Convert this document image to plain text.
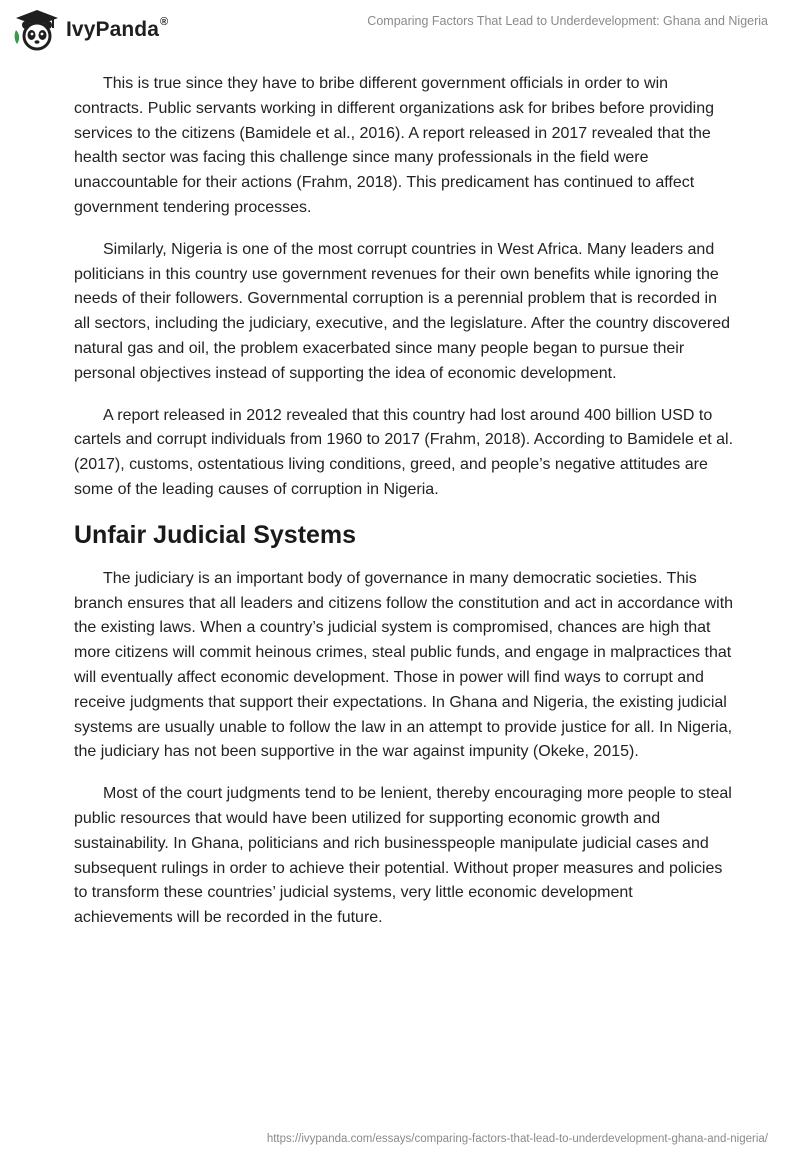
IvyPanda®	Comparing Factors That Lead to Underdevelopment: Ghana and Nigeria

This is true since they have to bribe different government officials in order to win contracts. Public servants working in different organizations ask for bribes before providing services to the citizens (Bamidele et al., 2016). A report released in 2017 revealed that the health sector was facing this challenge since many professionals in the field were unaccountable for their actions (Frahm, 2018). This predicament has continued to affect government tendering processes.

Similarly, Nigeria is one of the most corrupt countries in West Africa. Many leaders and politicians in this country use government revenues for their own benefits while ignoring the needs of their followers. Governmental corruption is a perennial problem that is recorded in all sectors, including the judiciary, executive, and the legislature. After the country discovered natural gas and oil, the problem exacerbated since many people began to pursue their personal objectives instead of supporting the idea of economic development.

A report released in 2012 revealed that this country had lost around 400 billion USD to cartels and corrupt individuals from 1960 to 2017 (Frahm, 2018). According to Bamidele et al. (2017), customs, ostentatious living conditions, greed, and people’s negative attitudes are some of the leading causes of corruption in Nigeria.

Unfair Judicial Systems

The judiciary is an important body of governance in many democratic societies. This branch ensures that all leaders and citizens follow the constitution and act in accordance with the existing laws. When a country’s judicial system is compromised, chances are high that more citizens will commit heinous crimes, steal public funds, and engage in malpractices that will eventually affect economic development. Those in power will find ways to corrupt and receive judgments that support their expectations. In Ghana and Nigeria, the existing judicial systems are usually unable to follow the law in an attempt to provide justice for all. In Nigeria, the judiciary has not been supportive in the war against impunity (Okeke, 2015).

Most of the court judgments tend to be lenient, thereby encouraging more people to steal public resources that would have been utilized for supporting economic growth and sustainability. In Ghana, politicians and rich businesspeople manipulate judicial cases and subsequent rulings in order to achieve their potential. Without proper measures and policies to transform these countries’ judicial systems, very little economic development achievements will be recorded in the future.

https://ivypanda.com/essays/comparing-factors-that-lead-to-underdevelopment-ghana-and-nigeria/
